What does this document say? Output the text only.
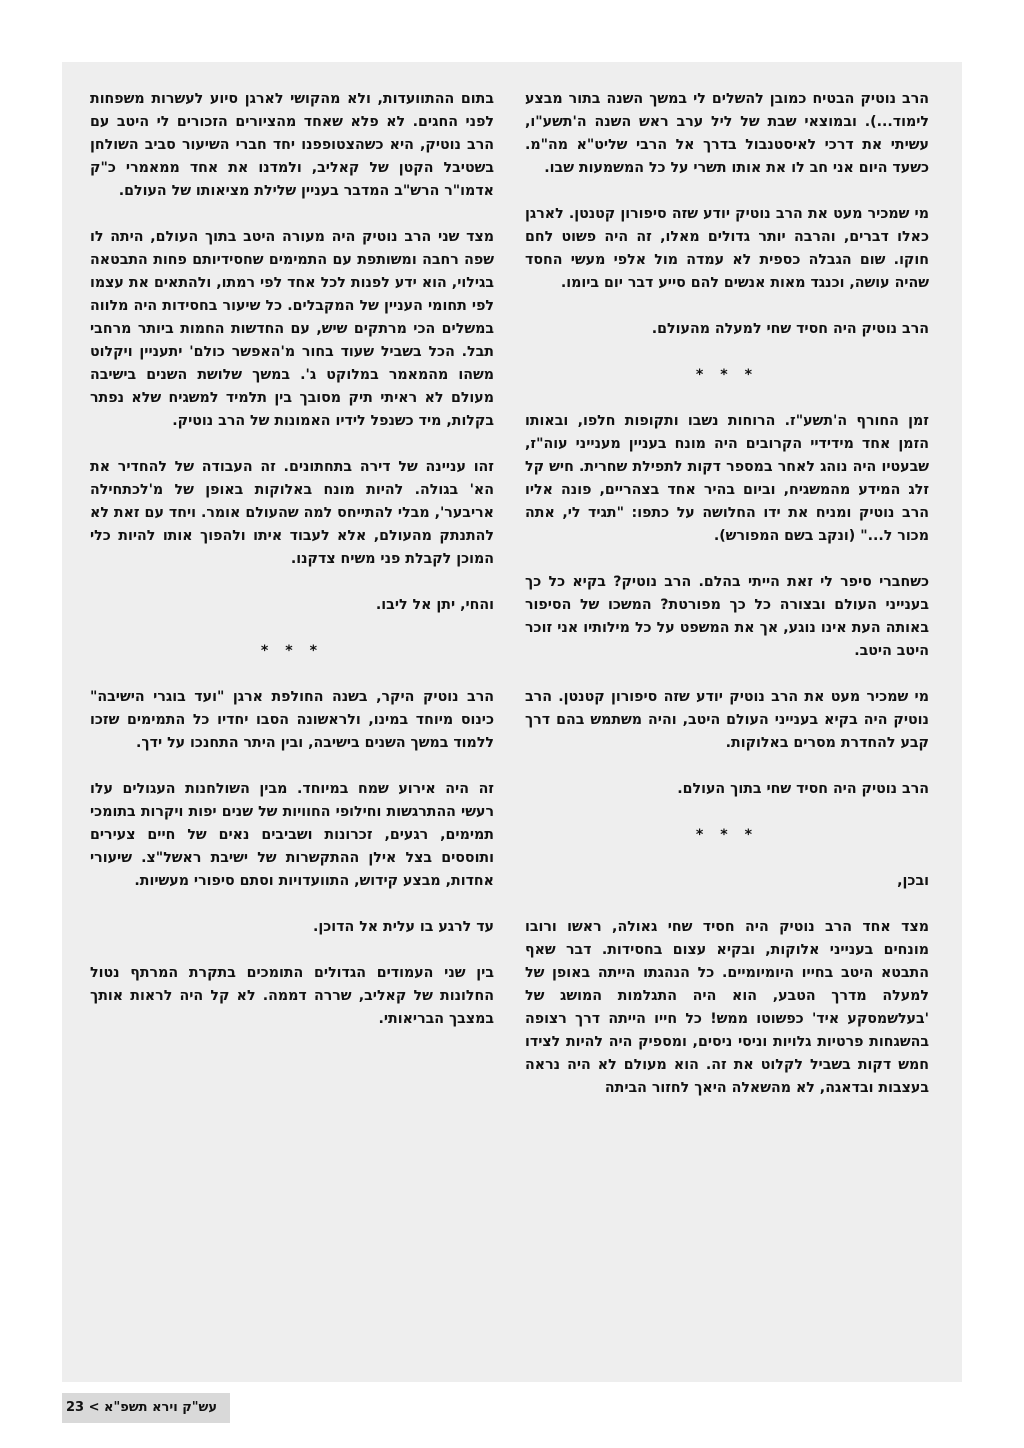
הרב נוטיק הבטיח כמובן להשלים לי במשך השנה בתור מבצע לימוד...). ובמוצאי שבת של ליל ערב ראש השנה ה'תשע"ו, עשיתי את דרכי לאיסטנבול בדרך אל הרבי שליט"א מה"מ. כשעד היום אני חב לו את אותו תשרי על כל המשמעות שבו.

מי שמכיר מעט את הרב נוטיק יודע שזה סיפורון קטנטן. לארגן כאלו דברים, והרבה יותר גדולים מאלו, זה היה פשוט לחם חוקו. שום הגבלה כספית לא עמדה מול אלפי מעשי החסד שהיה עושה, וכנגד מאות אנשים להם סייע דבר יום ביומו.

הרב נוטיק היה חסיד שחי למעלה מהעולם.

* * *

זמן החורף ה'תשע"ז. הרוחות נשבו ותקופות חלפו, ובאותו הזמן אחד מידידיי הקרובים היה מונח בעניין מענייני עוה"ז, שבעטיו היה נוהג לאחר במספר דקות לתפילת שחרית. חיש קל זלג המידע מהמשגיח, וביום בהיר אחד בצהריים, פונה אליו הרב נוטיק ומניח את ידו החלושה על כתפו: "תגיד לי, אתה מכור ל..." (ונקב בשם המפורש).

כשחברי סיפר לי זאת הייתי בהלם. הרב נוטיק? בקיא כל כך בענייני העולם ובצורה כל כך מפורטת? המשכו של הסיפור באותה העת אינו נוגע, אך את המשפט על כל מילותיו אני זוכר היטב היטב.

מי שמכיר מעט את הרב נוטיק יודע שזה סיפורון קטנטן. הרב נוטיק היה בקיא בענייני העולם היטב, והיה משתמש בהם דרך קבע להחדרת מסרים באלוקות.

הרב נוטיק היה חסיד שחי בתוך העולם.

* * *

ובכן,

מצד אחד הרב נוטיק היה חסיד שחי גאולה, ראשו ורובו מונחים בענייני אלוקות, ובקיא עצום בחסידות. דבר שאף התבטא היטב בחייו היומיומיים. כל הנהגתו הייתה באופן של למעלה מדרך הטבע, הוא היה התגלמות המושג של 'בעלשמסקע איד' כפשוטו ממש! כל חייו הייתה דרך רצופה בהשגחות פרטיות גלויות וניסי ניסים, ומספיק היה להיות לצידו חמש דקות בשביל לקלוט את זה. הוא מעולם לא היה נראה בעצבות ובדאגה, לא מהשאלה היאך לחזור הביתה

בתום ההתוועדות, ולא מהקושי לארגן סיוע לעשרות משפחות לפני החגים. לא פלא שאחד מהציורים הזכורים לי היטב עם הרב נוטיק, היא כשהצטופפנו יחד חברי השיעור סביב השולחן בשטיבל הקטן של קאליב, ולמדנו את אחד ממאמרי כ"ק אדמו"ר הרש"ב המדבר בעניין שלילת מציאותו של העולם.

מצד שני הרב נוטיק היה מעורה היטב בתוך העולם, היתה לו שפה רחבה ומשותפת עם התמימים שחסידיותם פחות התבטאה בגילוי, הוא ידע לפנות לכל אחד לפי רמתו, ולהתאים את עצמו לפי תחומי העניין של המקבלים. כל שיעור בחסידות היה מלווה במשלים הכי מרתקים שיש, עם החדשות החמות ביותר מרחבי תבל. הכל בשביל שעוד בחור מ'האפשר כולם' יתעניין ויקלוט משהו מהמאמר במלוקט ג'. במשך שלושת השנים בישיבה מעולם לא ראיתי תיק מסובך בין תלמיד למשגיח שלא נפתר בקלות, מיד כשנפל לידיו האמונות של הרב נוטיק.

זהו עניינה של דירה בתחתונים. זה העבודה של להחדיר את הא' בגולה. להיות מונח באלוקות באופן של מ'לכתחילה אריבער', מבלי להתייחס למה שהעולם אומר. ויחד עם זאת לא להתנתק מהעולם, אלא לעבוד איתו ולהפוך אותו להיות כלי המוכן לקבלת פני משיח צדקנו.

והחי, יתן אל ליבו.

* * *

הרב נוטיק היקר, בשנה החולפת ארגן "ועד בוגרי הישיבה" כינוס מיוחד במינו, ולראשונה הסבו יחדיו כל התמימים שזכו ללמוד במשך השנים בישיבה, ובין היתר התחנכו על ידך.

זה היה אירוע שמח במיוחד. מבין השולחנות העגולים עלו רעשי ההתרגשות וחילופי החוויות של שנים יפות ויקרות בתומכי תמימים, רגעים, זכרונות ושביבים נאים של חיים צעירים ותוססים בצל אילן ההתקשרות של ישיבת ראשל"צ. שיעורי אחדות, מבצע קידוש, התוועדויות וסתם סיפורי מעשיות.

עד לרגע בו עלית אל הדוכן.

בין שני העמודים הגדולים התומכים בתקרת המרתף נטול החלונות של קאליב, שררה דממה. לא קל היה לראות אותך במצבך הבריאותי.

עש"ק וירא תשפ"א > 23
